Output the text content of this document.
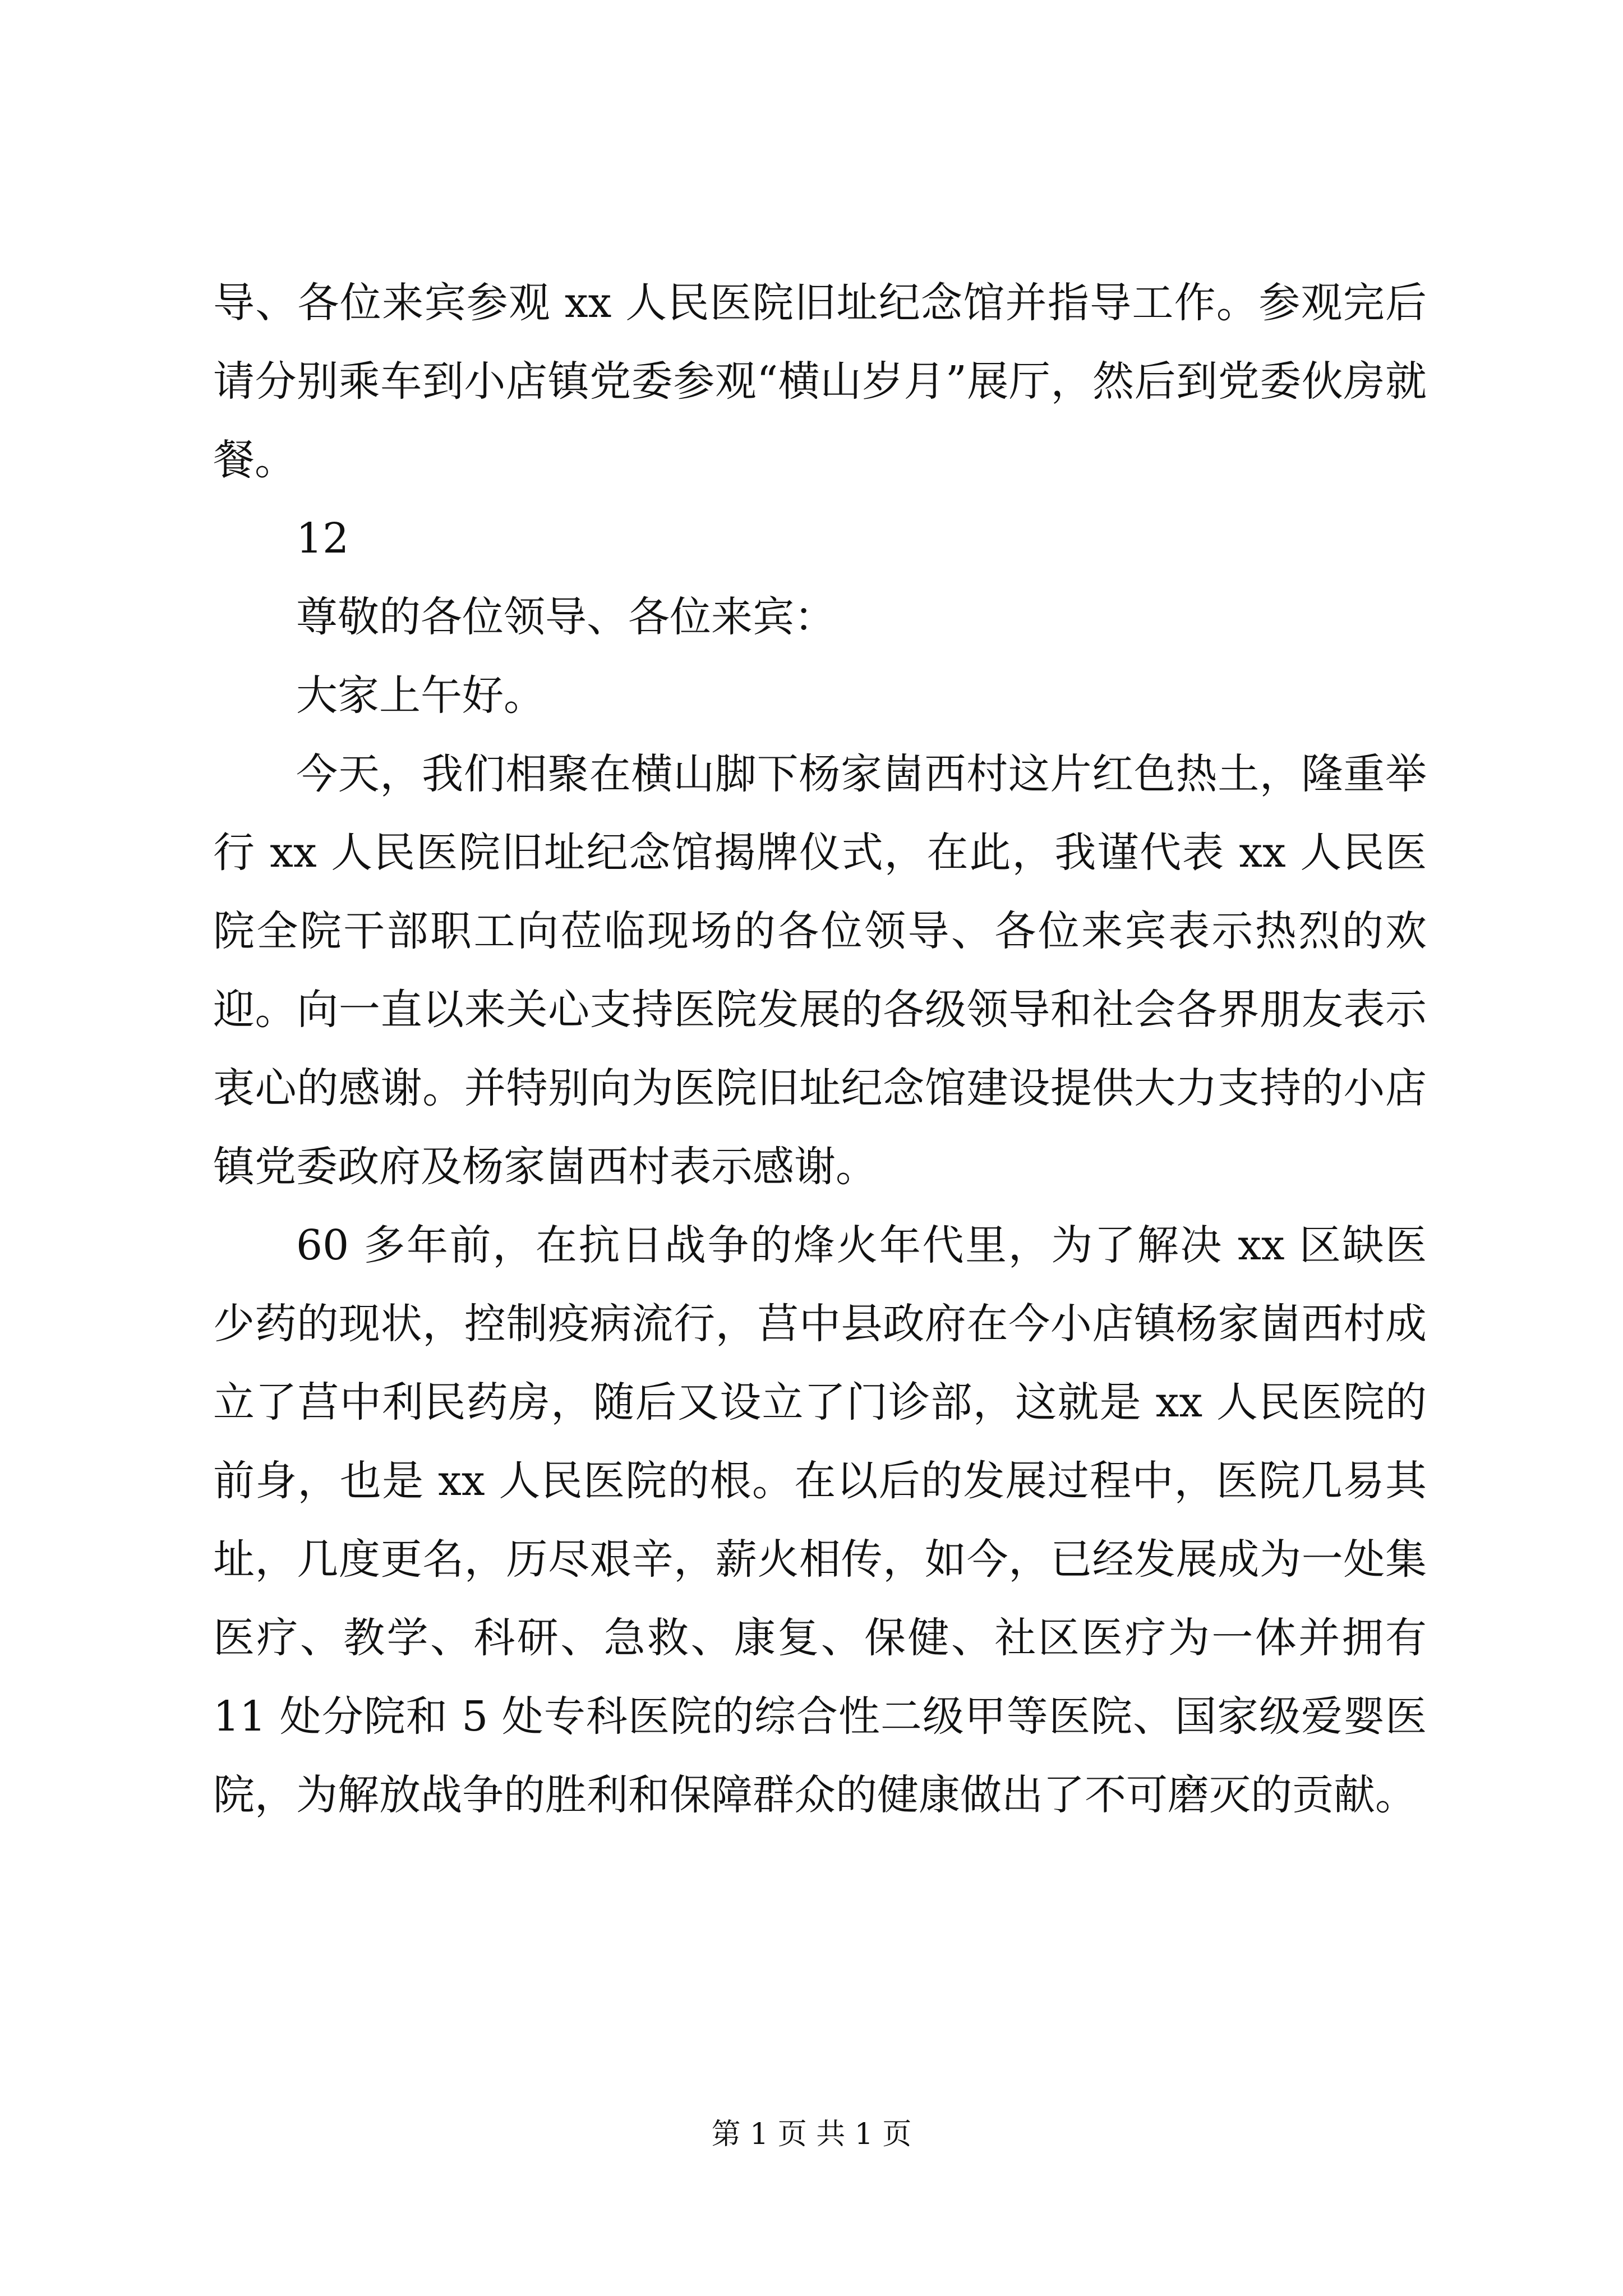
导、各位来宾参观 xx 人民医院旧址纪念馆并指导工作。参观完后请分别乘车到小店镇党委参观“横山岁月”展厅，然后到党委伙房就餐。

12

尊敬的各位领导、各位来宾：

大家上午好。

今天，我们相聚在横山脚下杨家崮西村这片红色热土，隆重举行 xx 人民医院旧址纪念馆揭牌仪式，在此，我谨代表 xx 人民医院全院干部职工向莅临现场的各位领导、各位来宾表示热烈的欢迎。向一直以来关心支持医院发展的各级领导和社会各界朋友表示衷心的感谢。并特别向为医院旧址纪念馆建设提供大力支持的小店镇党委政府及杨家崮西村表示感谢。

60 多年前，在抗日战争的烽火年代里，为了解决 xx 区缺医少药的现状，控制疫病流行，莒中县政府在今小店镇杨家崮西村成立了莒中利民药房，随后又设立了门诊部，这就是 xx 人民医院的前身，也是 xx 人民医院的根。在以后的发展过程中，医院几易其址，几度更名，历尽艰辛，薪火相传，如今，已经发展成为一处集医疗、教学、科研、急救、康复、保健、社区医疗为一体并拥有 11 处分院和 5 处专科医院的综合性二级甲等医院、国家级爱婴医院，为解放战争的胜利和保障群众的健康做出了不可磨灭的贡献。

第 1 页 共 1 页
